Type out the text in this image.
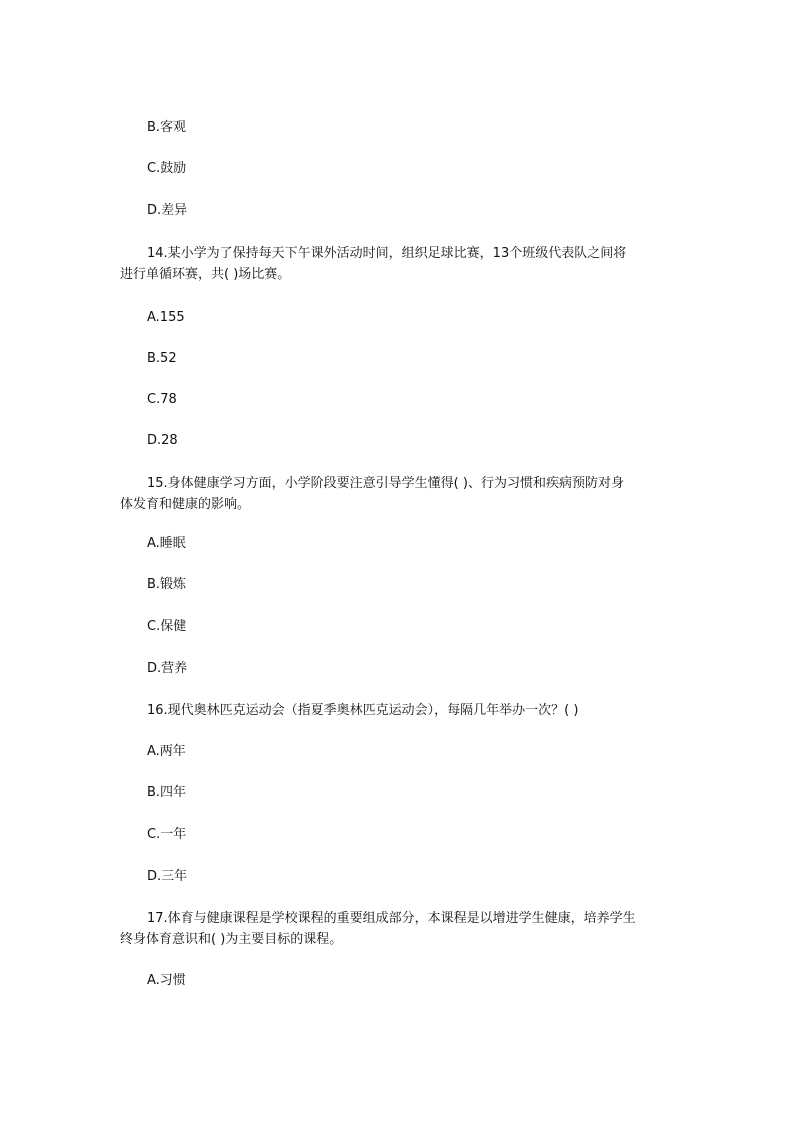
B.客观
C.鼓励
D.差异
14.某小学为了保持每天下午课外活动时间，组织足球比赛，13个班级代表队之间将
进行单循环赛，共( )场比赛。
A.155
B.52
C.78
D.28
15.身体健康学习方面，小学阶段要注意引导学生懂得( )、行为习惯和疾病预防对身
体发育和健康的影响。
A.睡眠
B.锻炼
C.保健
D.营养
16.现代奥林匹克运动会（指夏季奥林匹克运动会），每隔几年举办一次？( )
A.两年
B.四年
C.一年
D.三年
17.体育与健康课程是学校课程的重要组成部分，本课程是以增进学生健康，培养学生
终身体育意识和( )为主要目标的课程。
A.习惯
